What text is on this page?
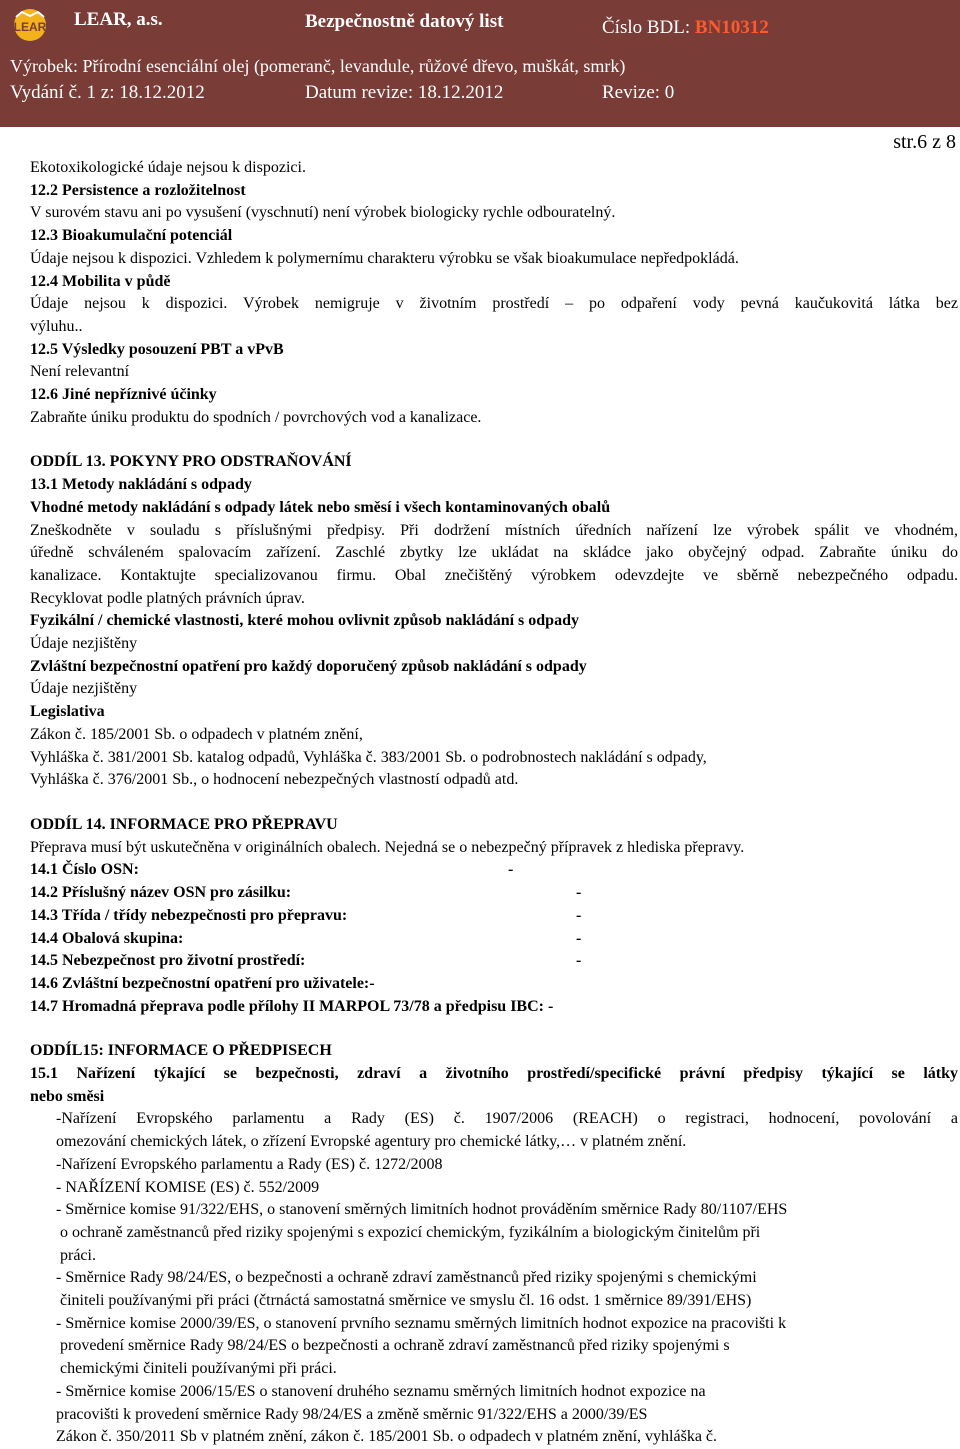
LEAR LEAR, a.s.	Bezpečnostně datový list	Číslo BDL: BN10312
Výrobek: Přírodní esenciální olej (pomeranč, levandule, růžové dřevo, muškát, smrk)
Vydání č. 1 z: 18.12.2012	Datum revize: 18.12.2012	Revize: 0
str.6 z 8
Ekotoxikologické údaje nejsou k dispozici.
12.2 Persistence a rozložitelnost
V surovém stavu ani po vysušení (vyschnutí) není výrobek biologicky rychle odbouratelný.
12.3 Bioakumulační potenciál
Údaje nejsou k dispozici. Vzhledem k polymernímu charakteru výrobku se však bioakumulace nepředpokládá.
12.4 Mobilita v půdě
Údaje nejsou k dispozici. Výrobek nemigruje v životním prostředí – po odpaření vody pevná kaučukovitá látka bez
výluhu..
12.5 Výsledky posouzení PBT a vPvB
Není relevantní
12.6 Jiné nepříznivé účinky
Zabraňte úniku produktu do spodních / povrchových vod a kanalizace.
ODDÍL 13. POKYNY PRO ODSTRAŇOVÁNÍ
13.1 Metody nakládání s odpady
Vhodné metody nakládání s odpady látek nebo směsí i všech kontaminovaných obalů
Zneškodněte v souladu s příslušnými předpisy. Při dodržení místních úředních nařízení lze výrobek spálit ve vhodném,
úředně schváleném spalovacím zařízení. Zaschlé zbytky lze ukládat na skládce jako obyčejný odpad. Zabraňte úniku do
kanalizace. Kontaktujte specializovanou firmu. Obal znečištěný výrobkem odevzdejte ve sběrně nebezpečného odpadu.
Recyklovat podle platných právních úprav.
Fyzikální / chemické vlastnosti, které mohou ovlivnit způsob nakládání s odpady
Údaje nezjištěny
Zvláštní bezpečnostní opatření pro každý doporučený způsob nakládání s odpady
Údaje nezjištěny
Legislativa
Zákon č. 185/2001 Sb. o odpadech v platném znění,
Vyhláška č. 381/2001 Sb. katalog odpadů, Vyhláška č. 383/2001 Sb. o podrobnostech nakládání s odpady,
Vyhláška č. 376/2001 Sb., o hodnocení nebezpečných vlastností odpadů atd.
ODDÍL 14. INFORMACE PRO PŘEPRAVU
Přeprava musí být uskutečněna v originálních obalech. Nejedná se o nebezpečný přípravek z hlediska přepravy.
14.1 Číslo OSN:	-
14.2 Příslušný název OSN pro zásilku:	-
14.3 Třída / třídy nebezpečnosti pro přepravu:	-
14.4 Obalová skupina:	-
14.5 Nebezpečnost pro životní prostředí:	-
14.6 Zvláštní bezpečnostní opatření pro uživatele:-
14.7 Hromadná přeprava podle přílohy II MARPOL 73/78 a předpisu IBC: -
ODDÍL15: INFORMACE O PŘEDPISECH
15.1 Nařízení týkající se bezpečnosti, zdraví a životního prostředí/specifické právní předpisy týkající se látky
nebo směsi
-Nařízení Evropského parlamentu a Rady (ES) č. 1907/2006 (REACH) o registraci, hodnocení, povolování a
omezování chemických látek, o zřízení Evropské agentury pro chemické látky,… v platném znění.
-Nařízení Evropského parlamentu a Rady (ES) č. 1272/2008
- NAŘÍZENÍ KOMISE (ES) č. 552/2009
- Směrnice komise 91/322/EHS, o stanovení směrných limitních hodnot prováděním směrnice Rady 80/1107/EHS
o ochraně zaměstnanců před riziky spojenými s expozicí chemickým, fyzikálním a biologickým činitelům při
práci.
- Směrnice Rady 98/24/ES, o bezpečnosti a ochraně zdraví zaměstnanců před riziky spojenými s chemickými
činiteli používanými při práci (čtrnáctá samostatná směrnice ve smyslu čl. 16 odst. 1 směrnice 89/391/EHS)
- Směrnice komise 2000/39/ES, o stanovení prvního seznamu směrných limitních hodnot expozice na pracovišti k
provedení směrnice Rady 98/24/ES o bezpečnosti a ochraně zdraví zaměstnanců před riziky spojenými s
chemickými činiteli používanými při práci.
- Směrnice komise 2006/15/ES o stanovení druhého seznamu směrných limitních hodnot expozice na
pracovišti k provedení směrnice Rady 98/24/ES a změně směrnic 91/322/EHS a 2000/39/ES
Zákon č. 350/2011 Sb v platném znění, zákon č. 185/2001 Sb. o odpadech v platném znění, vyhláška č.
